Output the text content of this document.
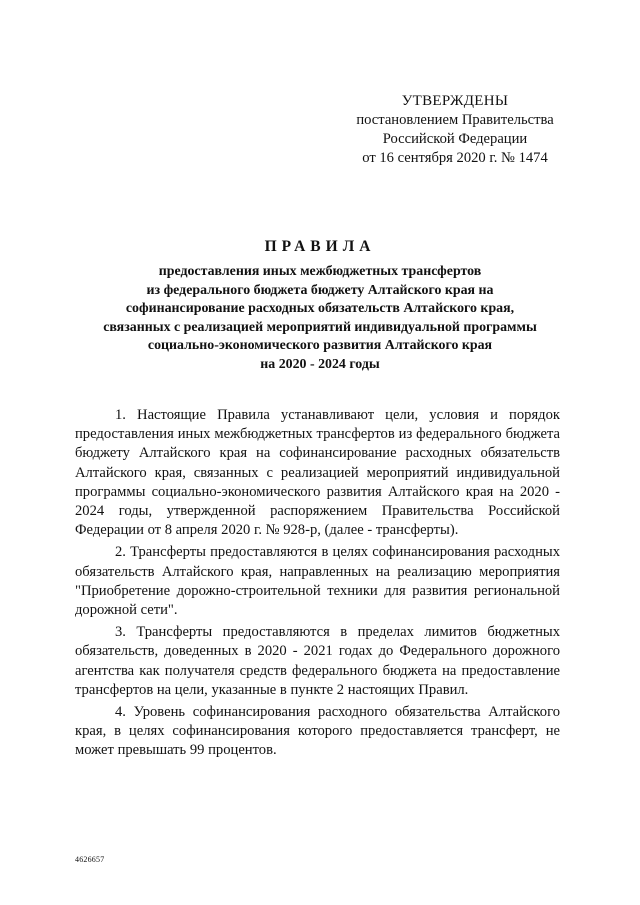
УТВЕРЖДЕНЫ
постановлением Правительства
Российской Федерации
от 16 сентября 2020 г. № 1474
ПРАВИЛА
предоставления иных межбюджетных трансфертов
из федерального бюджета бюджету Алтайского края на
софинансирование расходных обязательств Алтайского края,
связанных с реализацией мероприятий индивидуальной программы
социально-экономического развития Алтайского края
на 2020 - 2024 годы

1. Настоящие Правила устанавливают цели, условия и порядок предоставления иных межбюджетных трансфертов из федерального бюджета бюджету Алтайского края на софинансирование расходных обязательств Алтайского края, связанных с реализацией мероприятий индивидуальной программы социально-экономического развития Алтайского края на 2020 - 2024 годы, утвержденной распоряжением Правительства Российской Федерации от 8 апреля 2020 г. № 928-р, (далее - трансферты).

2. Трансферты предоставляются в целях софинансирования расходных обязательств Алтайского края, направленных на реализацию мероприятия "Приобретение дорожно-строительной техники для развития региональной дорожной сети".

3. Трансферты предоставляются в пределах лимитов бюджетных обязательств, доведенных в 2020 - 2021 годах до Федерального дорожного агентства как получателя средств федерального бюджета на предоставление трансфертов на цели, указанные в пункте 2 настоящих Правил.

4. Уровень софинансирования расходного обязательства Алтайского края, в целях софинансирования которого предоставляется трансферт, не может превышать 99 процентов.

4626657
